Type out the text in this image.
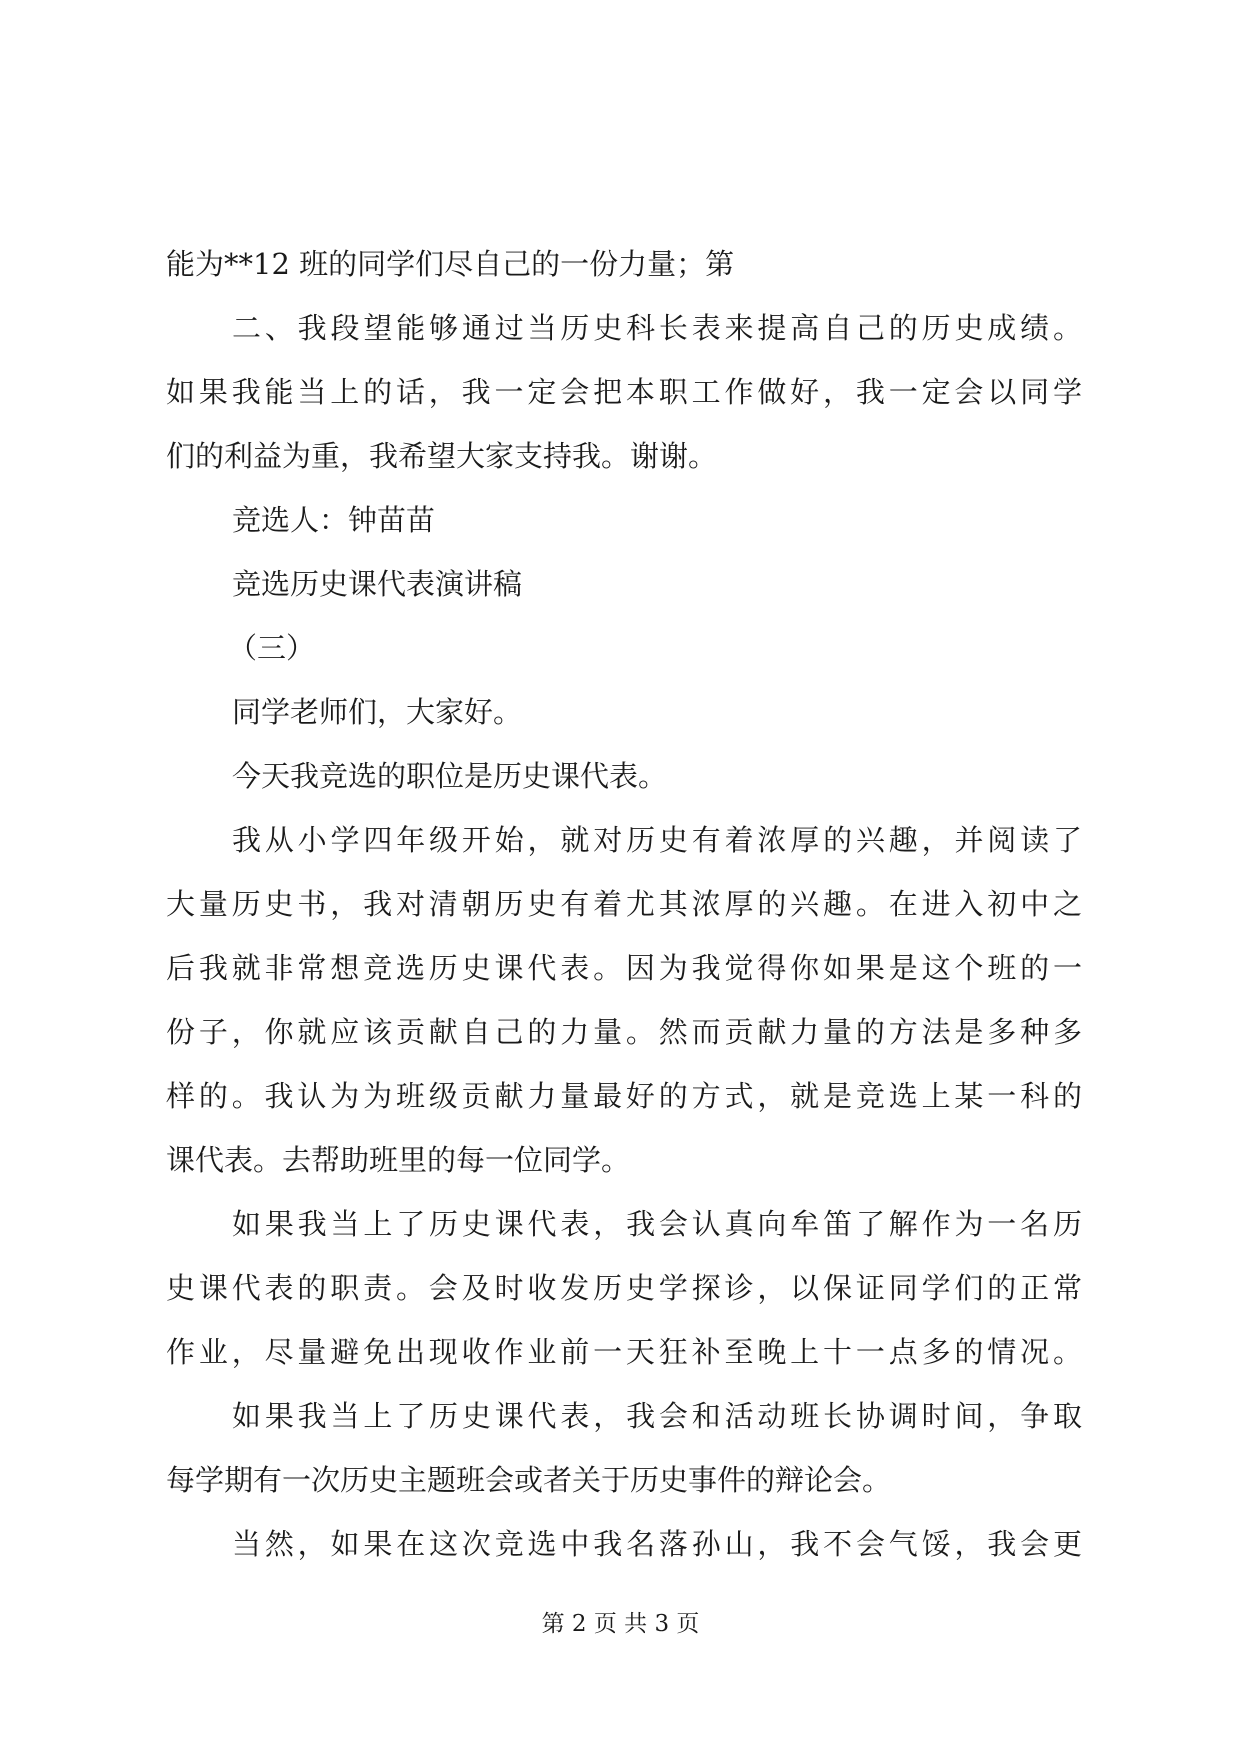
能为**12 班的同学们尽自己的一份力量；第
二、我段望能够通过当历史科长表来提高自己的历史成绩。
如果我能当上的话，我一定会把本职工作做好，我一定会以同学
们的利益为重，我希望大家支持我。谢谢。
竞选人：钟苗苗
竞选历史课代表演讲稿
（三）
同学老师们，大家好。
今天我竞选的职位是历史课代表。
我从小学四年级开始，就对历史有着浓厚的兴趣，并阅读了
大量历史书，我对清朝历史有着尤其浓厚的兴趣。在进入初中之
后我就非常想竞选历史课代表。因为我觉得你如果是这个班的一
份子，你就应该贡献自己的力量。然而贡献力量的方法是多种多
样的。我认为为班级贡献力量最好的方式，就是竞选上某一科的
课代表。去帮助班里的每一位同学。
如果我当上了历史课代表，我会认真向牟笛了解作为一名历
史课代表的职责。会及时收发历史学探诊，以保证同学们的正常
作业，尽量避免出现收作业前一天狂补至晚上十一点多的情况。
如果我当上了历史课代表，我会和活动班长协调时间，争取
每学期有一次历史主题班会或者关于历史事件的辩论会。
当然，如果在这次竞选中我名落孙山，我不会气馁，我会更
第 2 页 共 3 页
